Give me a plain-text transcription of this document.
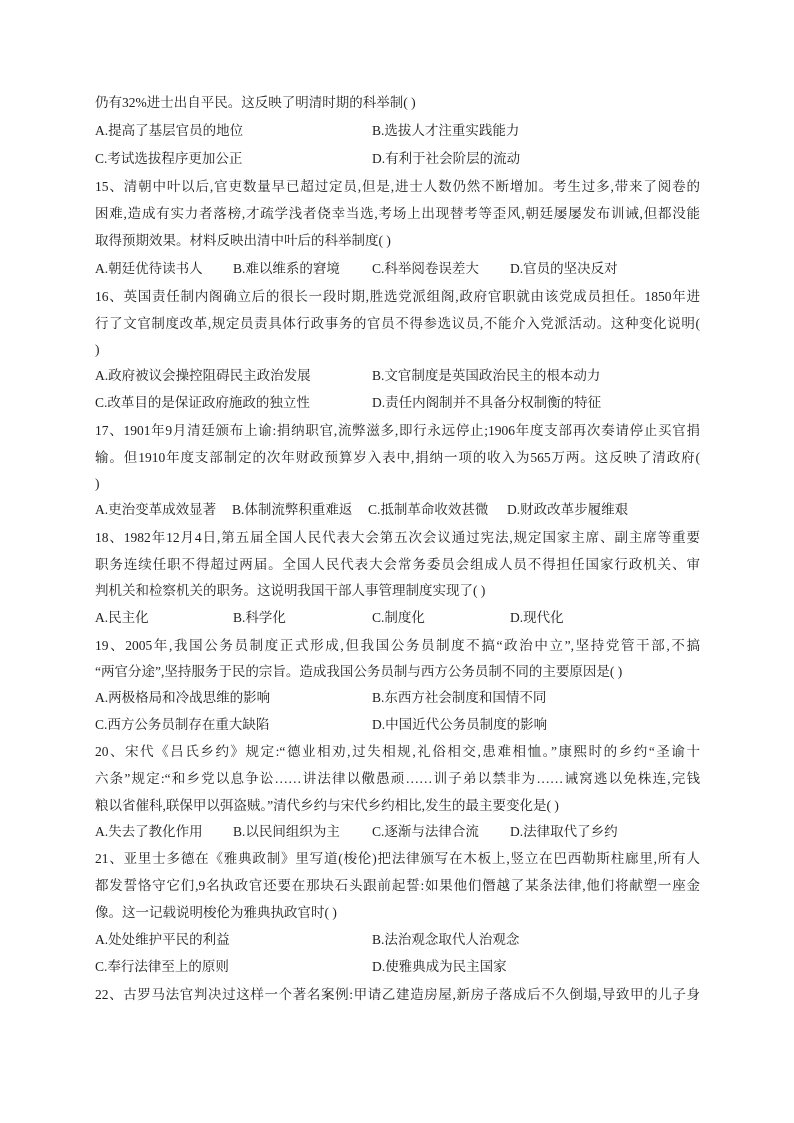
仍有32%进士出自平民。这反映了明清时期的科举制( )
A.提高了基层官员的地位	B.选拔人才注重实践能力
C.考试选拔程序更加公正	D.有利于社会阶层的流动
15、清朝中叶以后,官吏数量早已超过定员,但是,进士人数仍然不断增加。考生过多,带来了阅卷的
困难,造成有实力者落榜,才疏学浅者侥幸当选,考场上出现替考等歪风,朝廷屡屡发布训诫,但都没能
取得预期效果。材料反映出清中叶后的科举制度( )
A.朝廷优待读书人 B.难以维系的窘境 C.科举阅卷误差大 D.官员的坚决反对
16、英国责任制内阁确立后的很长一段时期,胜选党派组阁,政府官职就由该党成员担任。1850年进
行了文官制度改革,规定员责具体行政事务的官员不得参选议员,不能介入党派活动。这种变化说明(
)
A.政府被议会操控阻碍民主政治发展	B.文官制度是英国政治民主的根本动力
C.改革目的是保证政府施政的独立性	D.责任内阁制并不具备分权制衡的特征
17、1901年9月清廷颁布上谕:捐纳职官,流弊滋多,即行永远停止;1906年度支部再次奏请停止买官捐
输。但1910年度支部制定的次年财政预算岁入表中,捐纳一项的收入为565万两。这反映了清政府(
)
A.吏治变革成效显著 B.体制流弊积重难返 C.抵制革命收效甚微 D.财政改革步履维艰
18、1982年12月4日,第五届全国人民代表大会第五次会议通过宪法,规定国家主席、副主席等重要
职务连续任职不得超过两届。全国人民代表大会常务委员会组成人员不得担任国家行政机关、审
判机关和检察机关的职务。这说明我国干部人事管理制度实现了( )
A.民主化	B.科学化	C.制度化	D.现代化
19、2005年,我国公务员制度正式形成,但我国公务员制度不搞“政治中立”,坚持党管干部,不搞
“两官分途”,坚持服务于民的宗旨。造成我国公务员制与西方公务员制不同的主要原因是( )
A.两极格局和冷战思维的影响	B.东西方社会制度和国情不同
C.西方公务员制存在重大缺陷	D.中国近代公务员制度的影响
20、宋代《吕氏乡约》规定:“德业相劝,过失相规,礼俗相交,患难相恤。”康熙时的乡约“圣谕十
六条”规定:“和乡党以息争讼……讲法律以儆愚顽……训子弟以禁非为……诫窝逃以免株连,完钱
粮以省催科,联保甲以弭盗贼。”清代乡约与宋代乡约相比,发生的最主要变化是( )
A.失去了教化作用 B.以民间组织为主 C.逐渐与法律合流 D.法律取代了乡约
21、亚里士多德在《雅典政制》里写道(梭伦)把法律颁写在木板上,竖立在巴西勒斯柱廊里,所有人
都发誓恪守它们,9名执政官还要在那块石头跟前起誓:如果他们僭越了某条法律,他们将献塑一座金
像。这一记载说明梭伦为雅典执政官时( )
A.处处维护平民的利益	B.法治观念取代人治观念
C.奉行法律至上的原则	D.使雅典成为民主国家
22、古罗马法官判决过这样一个著名案例:甲请乙建造房屋,新房子落成后不久倒塌,导致甲的儿子身
